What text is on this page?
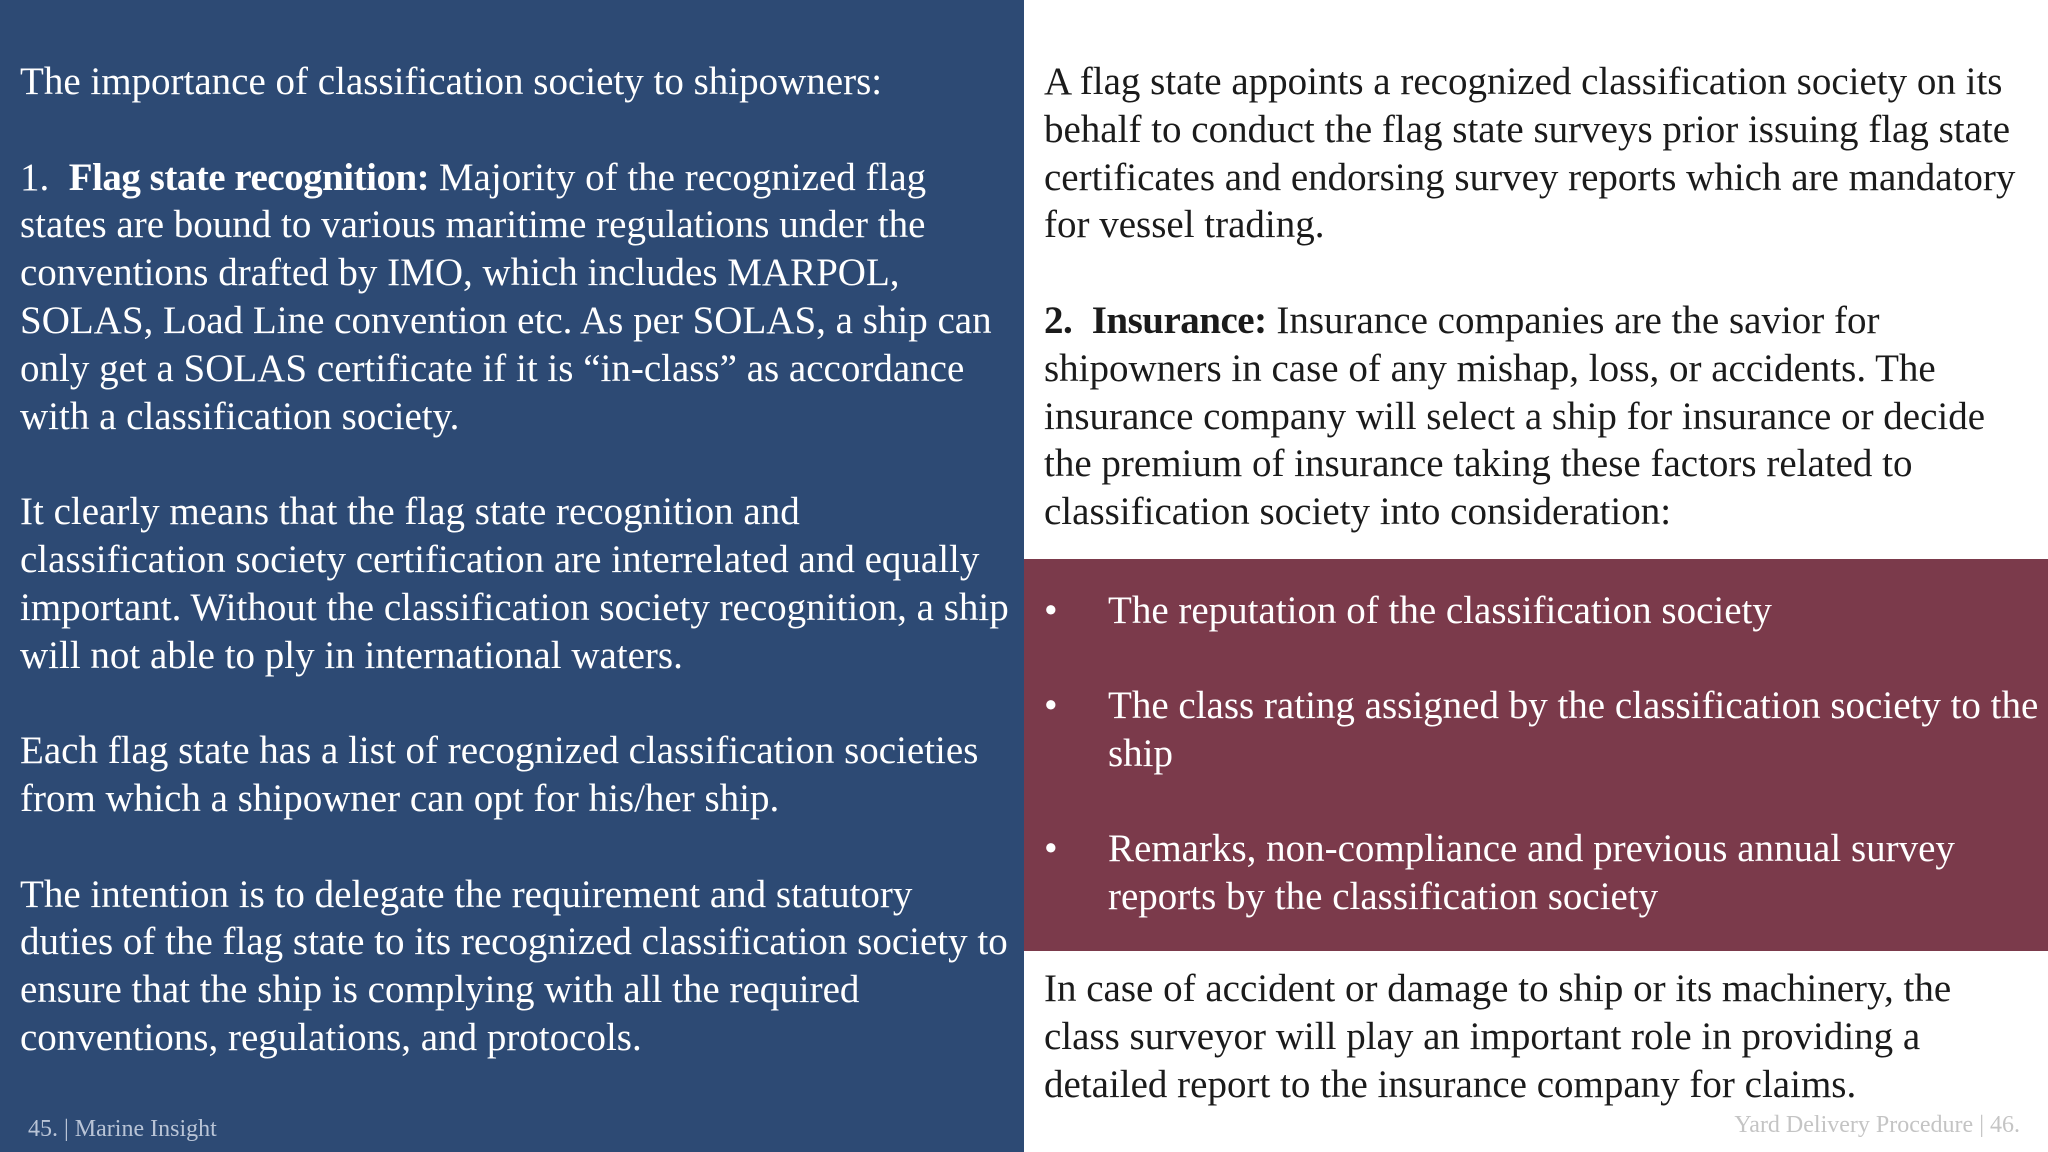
The importance of classification society to shipowners:

1. Flag state recognition: Majority of the recognized flag states are bound to various maritime regulations under the conventions drafted by IMO, which includes MARPOL, SOLAS, Load Line convention etc. As per SOLAS, a ship can only get a SOLAS certificate if it is “in-class” as accordance with a classification society.

It clearly means that the flag state recognition and classification society certification are interrelated and equally important. Without the classification society recognition, a ship will not able to ply in international waters.

Each flag state has a list of recognized classification societies from which a shipowner can opt for his/her ship.

The intention is to delegate the requirement and statutory duties of the flag state to its recognized classification society to ensure that the ship is complying with all the required conventions, regulations, and protocols.

45. | Marine Insight

A flag state appoints a recognized classification society on its behalf to conduct the flag state surveys prior issuing flag state certificates and endorsing survey reports which are mandatory for vessel trading.

2. Insurance: Insurance companies are the savior for shipowners in case of any mishap, loss, or accidents. The insurance company will select a ship for insurance or decide the premium of insurance taking these factors related to classification society into consideration:

• The reputation of the classification society
• The class rating assigned by the classification society to the ship
• Remarks, non-compliance and previous annual survey reports by the classification society
In case of accident or damage to ship or its machinery, the class surveyor will play an important role in providing a detailed report to the insurance company for claims.
Yard Delivery Procedure | 46.
